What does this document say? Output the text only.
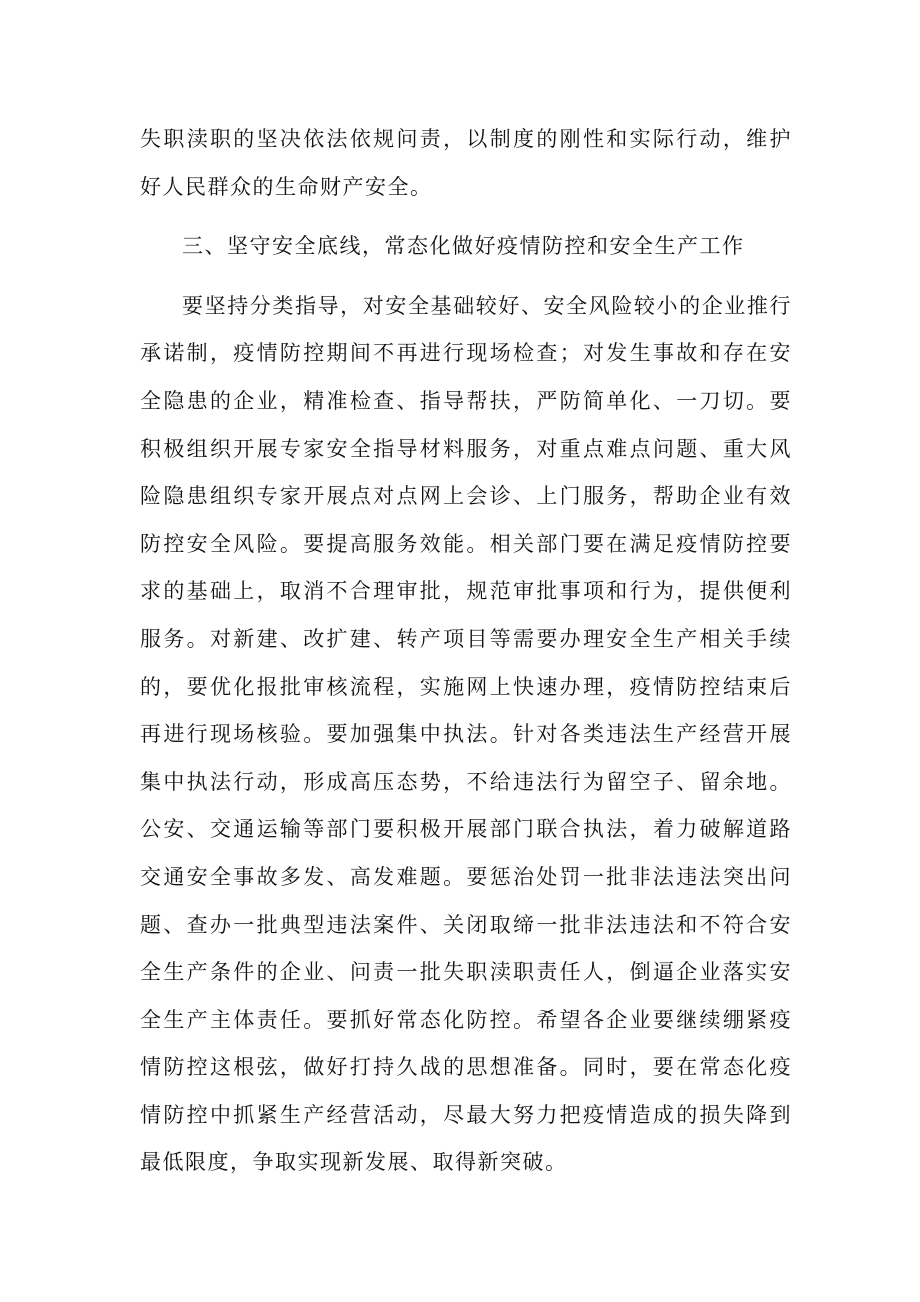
失职渎职的坚决依法依规问责，以制度的刚性和实际行动，维护好人民群众的生命财产安全。

三、坚守安全底线，常态化做好疫情防控和安全生产工作

要坚持分类指导，对安全基础较好、安全风险较小的企业推行承诺制，疫情防控期间不再进行现场检查；对发生事故和存在安全隐患的企业，精准检查、指导帮扶，严防简单化、一刀切。要积极组织开展专家安全指导材料服务，对重点难点问题、重大风险隐患组织专家开展点对点网上会诊、上门服务，帮助企业有效防控安全风险。要提高服务效能。相关部门要在满足疫情防控要求的基础上，取消不合理审批，规范审批事项和行为，提供便利服务。对新建、改扩建、转产项目等需要办理安全生产相关手续的，要优化报批审核流程，实施网上快速办理，疫情防控结束后再进行现场核验。要加强集中执法。针对各类违法生产经营开展集中执法行动，形成高压态势，不给违法行为留空子、留余地。公安、交通运输等部门要积极开展部门联合执法，着力破解道路交通安全事故多发、高发难题。要惩治处罚一批非法违法突出问题、查办一批典型违法案件、关闭取缔一批非法违法和不符合安全生产条件的企业、问责一批失职渎职责任人，倒逼企业落实安全生产主体责任。要抓好常态化防控。希望各企业要继续绷紧疫情防控这根弦，做好打持久战的思想准备。同时，要在常态化疫情防控中抓紧生产经营活动，尽最大努力把疫情造成的损失降到最低限度，争取实现新发展、取得新突破。
